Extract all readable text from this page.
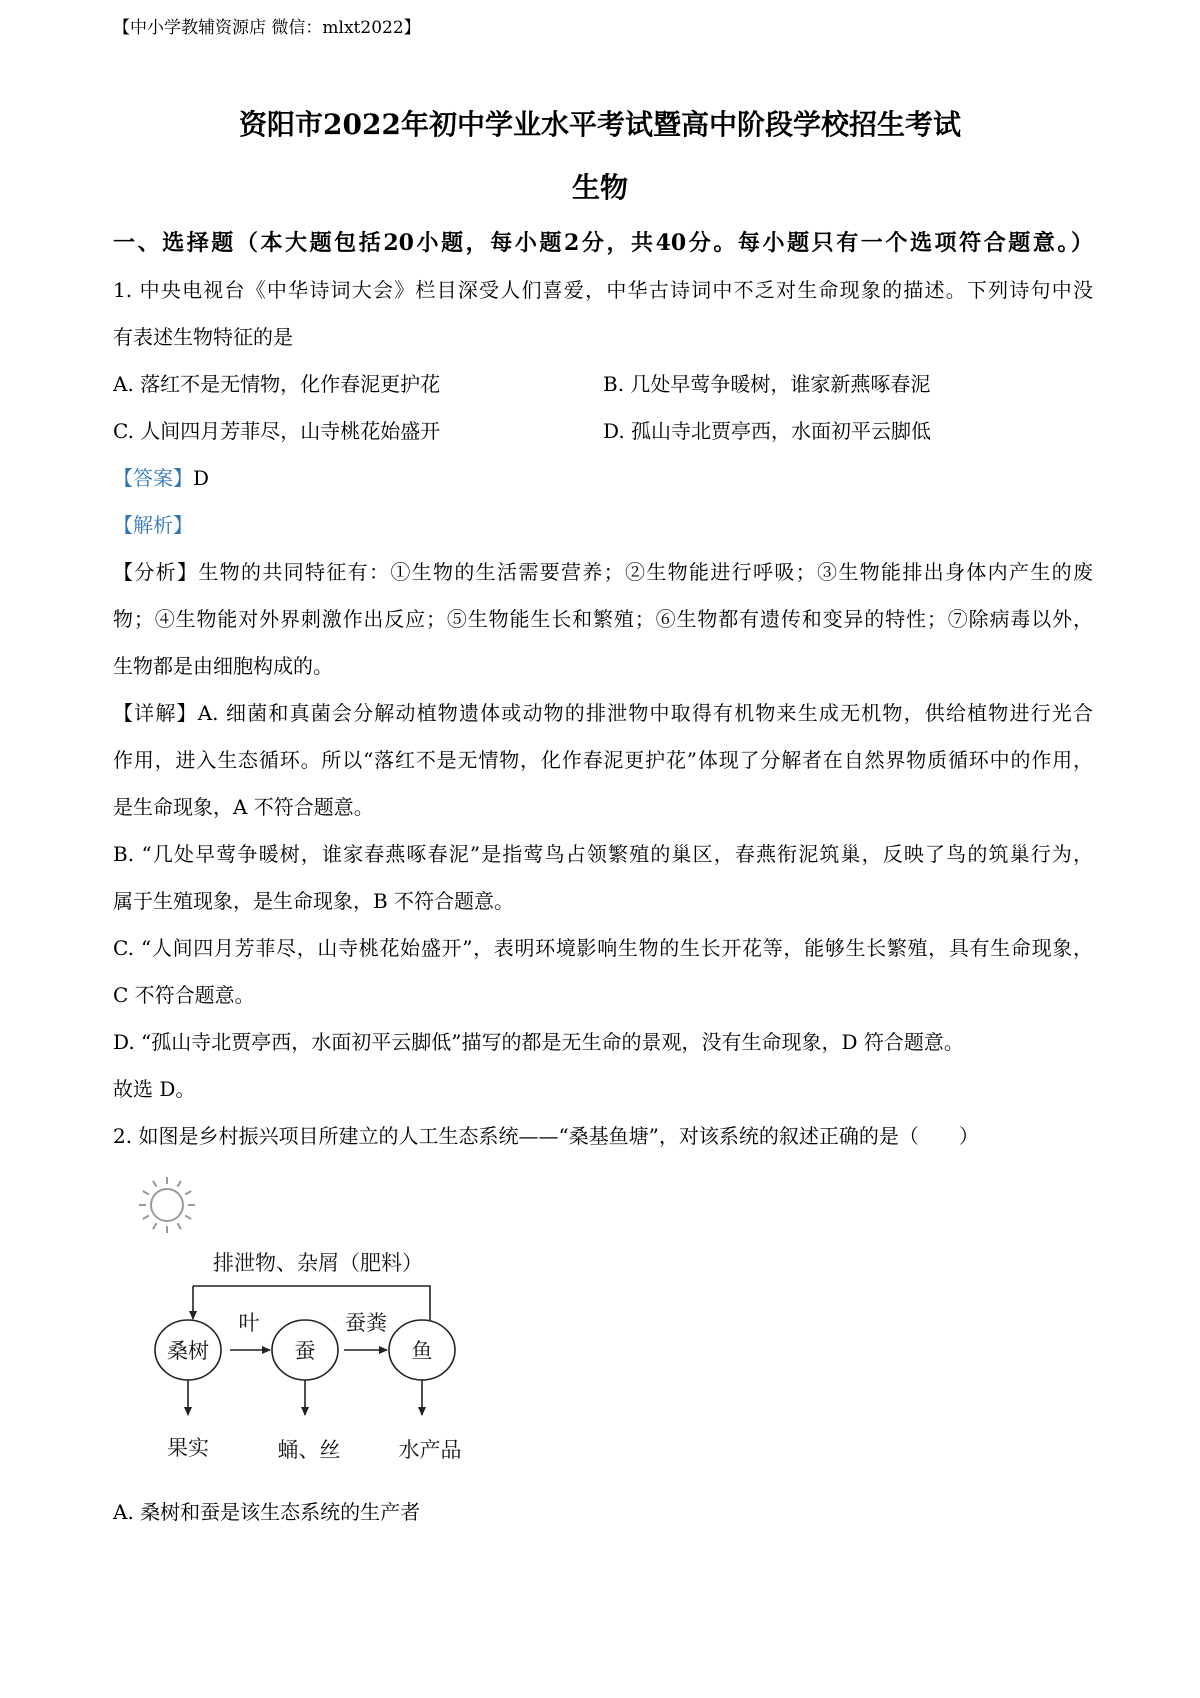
【中小学教辅资源店 微信：mlxt2022】
资阳市2022年初中学业水平考试暨高中阶段学校招生考试
生物
一、选择题（本大题包括20小题，每小题2分，共40分。每小题只有一个选项符合题意。）
1. 中央电视台《中华诗词大会》栏目深受人们喜爱，中华古诗词中不乏对生命现象的描述。下列诗句中没
有表述生物特征的是
A. 落红不是无情物，化作春泥更护花	B. 几处早莺争暖树，谁家新燕啄春泥
C. 人间四月芳菲尽，山寺桃花始盛开	D. 孤山寺北贾亭西，水面初平云脚低
【答案】D
【解析】
【分析】生物的共同特征有：①生物的生活需要营养；②生物能进行呼吸；③生物能排出身体内产生的废
物；④生物能对外界刺激作出反应；⑤生物能生长和繁殖；⑥生物都有遗传和变异的特性；⑦除病毒以外，
生物都是由细胞构成的。
【详解】A. 细菌和真菌会分解动植物遗体或动物的排泄物中取得有机物来生成无机物，供给植物进行光合
作用，进入生态循环。所以“落红不是无情物，化作春泥更护花”体现了分解者在自然界物质循环中的作用，
是生命现象，A 不符合题意。
B. “几处早莺争暖树，谁家春燕啄春泥”是指莺鸟占领繁殖的巢区，春燕衔泥筑巢，反映了鸟的筑巢行为，
属于生殖现象，是生命现象，B 不符合题意。
C. “人间四月芳菲尽，山寺桃花始盛开”，表明环境影响生物的生长开花等，能够生长繁殖，具有生命现象，
C 不符合题意。
D. “孤山寺北贾亭西，水面初平云脚低”描写的都是无生命的景观，没有生命现象，D 符合题意。
故选 D。
2. 如图是乡村振兴项目所建立的人工生态系统——“桑基鱼塘”，对该系统的叙述正确的是（　　）
排泄物、杂屑（肥料）
桑树	蚕	鱼
叶	蚕粪
果实	蛹、丝	水产品
A. 桑树和蚕是该生态系统的生产者
